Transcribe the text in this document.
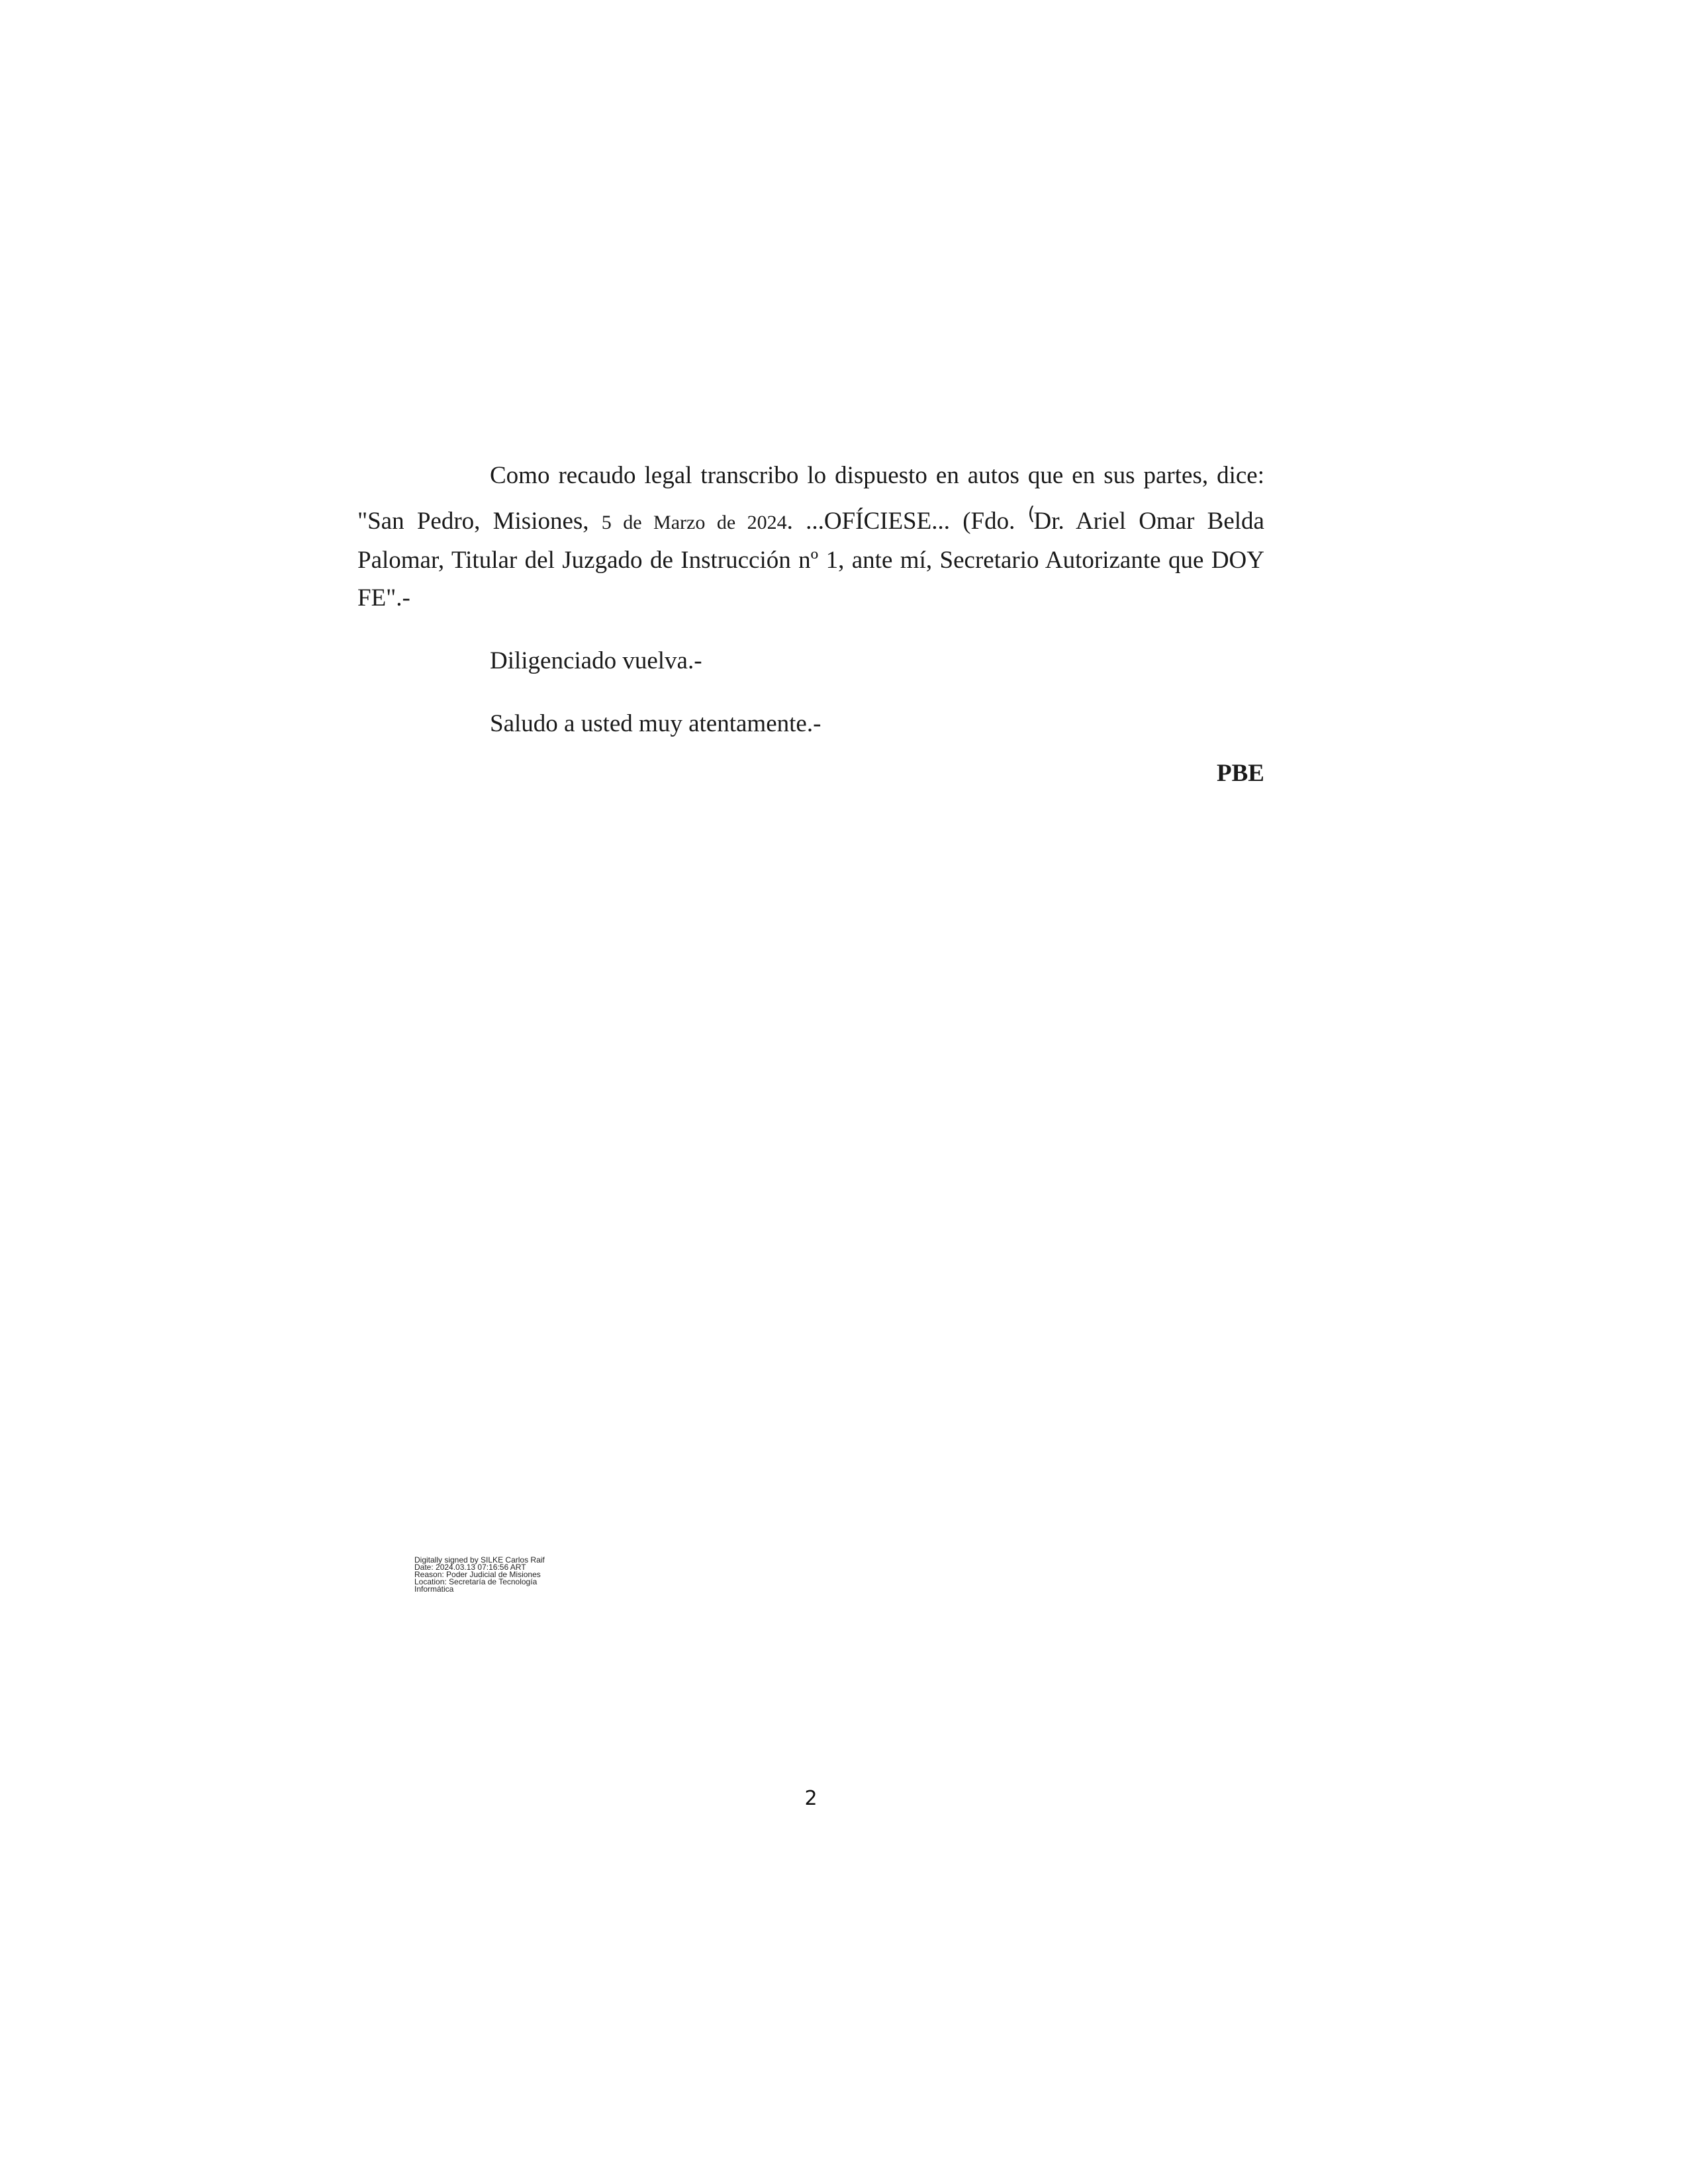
Como recaudo legal transcribo lo dispuesto en autos que en sus partes, dice: "San Pedro, Misiones, 5 de Marzo de 2024. ...OFÍCIESE... (Fdo. (Dr. Ariel Omar Belda Palomar, Titular del Juzgado de Instrucción nº 1, ante mí, Secretario Autorizante que DOY FE".-

Diligenciado vuelva.-

Saludo a usted muy atentamente.-

PBE
Digitally signed by SILKE Carlos Raif
Date: 2024.03.13 07:16:56 ART
Reason: Poder Judicial de Misiones
Location: Secretaría de Tecnología
Informática
2
